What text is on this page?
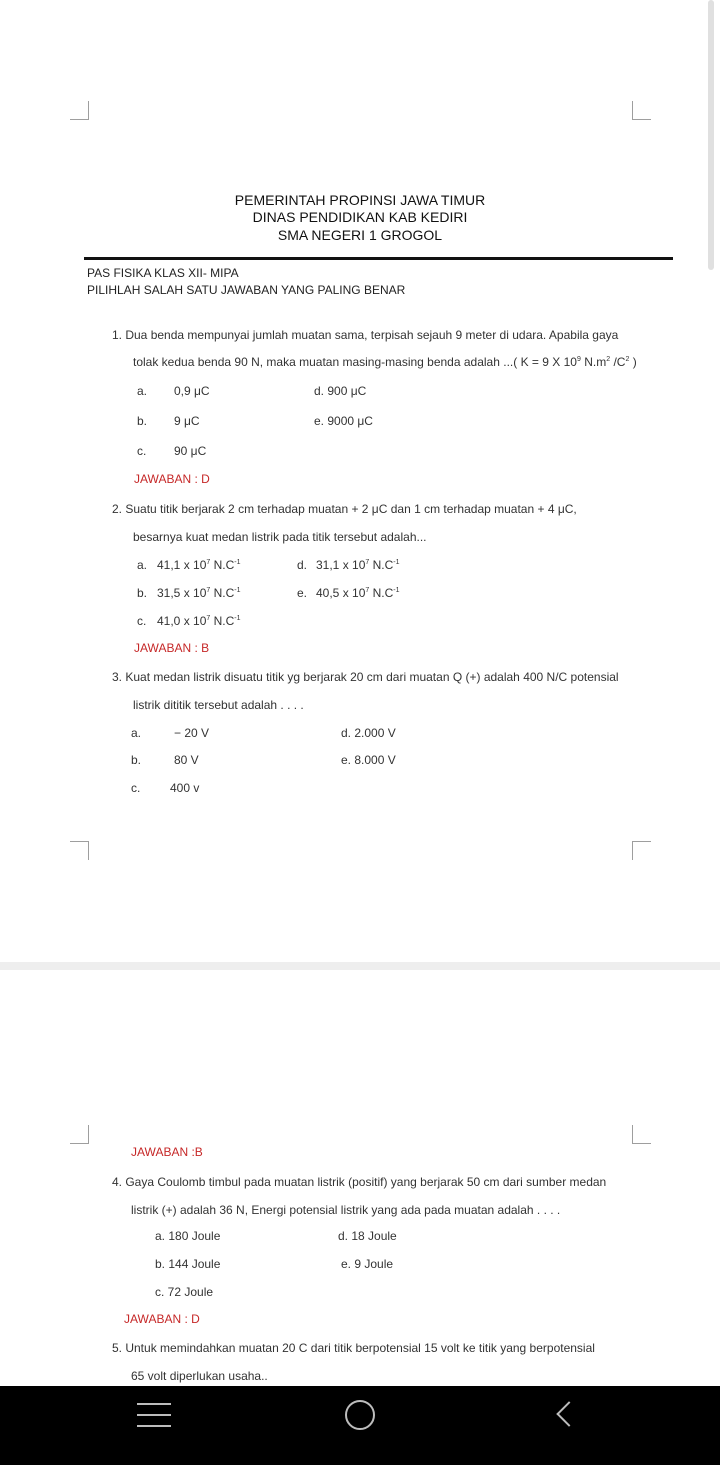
PEMERINTAH PROPINSI JAWA TIMUR
DINAS PENDIDIKAN KAB KEDIRI
SMA NEGERI 1 GROGOL
PAS FISIKA KLAS XII- MIPA
PILIHLAH SALAH SATU JAWABAN YANG PALING BENAR
1. Dua benda mempunyai jumlah muatan sama, terpisah sejauh 9 meter di udara. Apabila gaya
tolak kedua benda 90 N, maka muatan masing-masing benda adalah ...( K = 9 X $10^9$ $N.m^2$ $/C^2$ )
a. 0,9 μC	d. 900 μC
b. 9 μC	e. 9000 μC
c. 90 μC
JAWABAN : D
2. Suatu titik berjarak 2 cm terhadap muatan + 2 μC dan 1 cm terhadap muatan + 4 μC,
besarnya kuat medan listrik pada titik tersebut adalah...
a. 41,1 x $10^7$ $N.C^{-1}$	d. 31,1 x $10^7$ $N.C^{-1}$
b. 31,5 x $10^7$ $N.C^{-1}$	e. 40,5 x $10^7$ $N.C^{-1}$
c. 41,0 x $10^7$ $N.C^{-1}$
JAWABAN : B
3. Kuat medan listrik disuatu titik yg berjarak 20 cm dari muatan Q (+) adalah 400 N/C potensial
listrik dititik tersebut adalah . . . .
a.	− 20 V	d. 2.000 V
b.	80 V	e. 8.000 V
c. 400 v
JAWABAN :B
4. Gaya Coulomb timbul pada muatan listrik (positif) yang berjarak 50 cm dari sumber medan
listrik (+) adalah 36 N, Energi potensial listrik yang ada pada muatan adalah . . . .
a. 180 Joule	d. 18 Joule
b. 144 Joule	e. 9 Joule
c. 72 Joule
JAWABAN : D
5. Untuk memindahkan muatan 20 C dari titik berpotensial 15 volt ke titik yang berpotensial
65 volt diperlukan usaha..
